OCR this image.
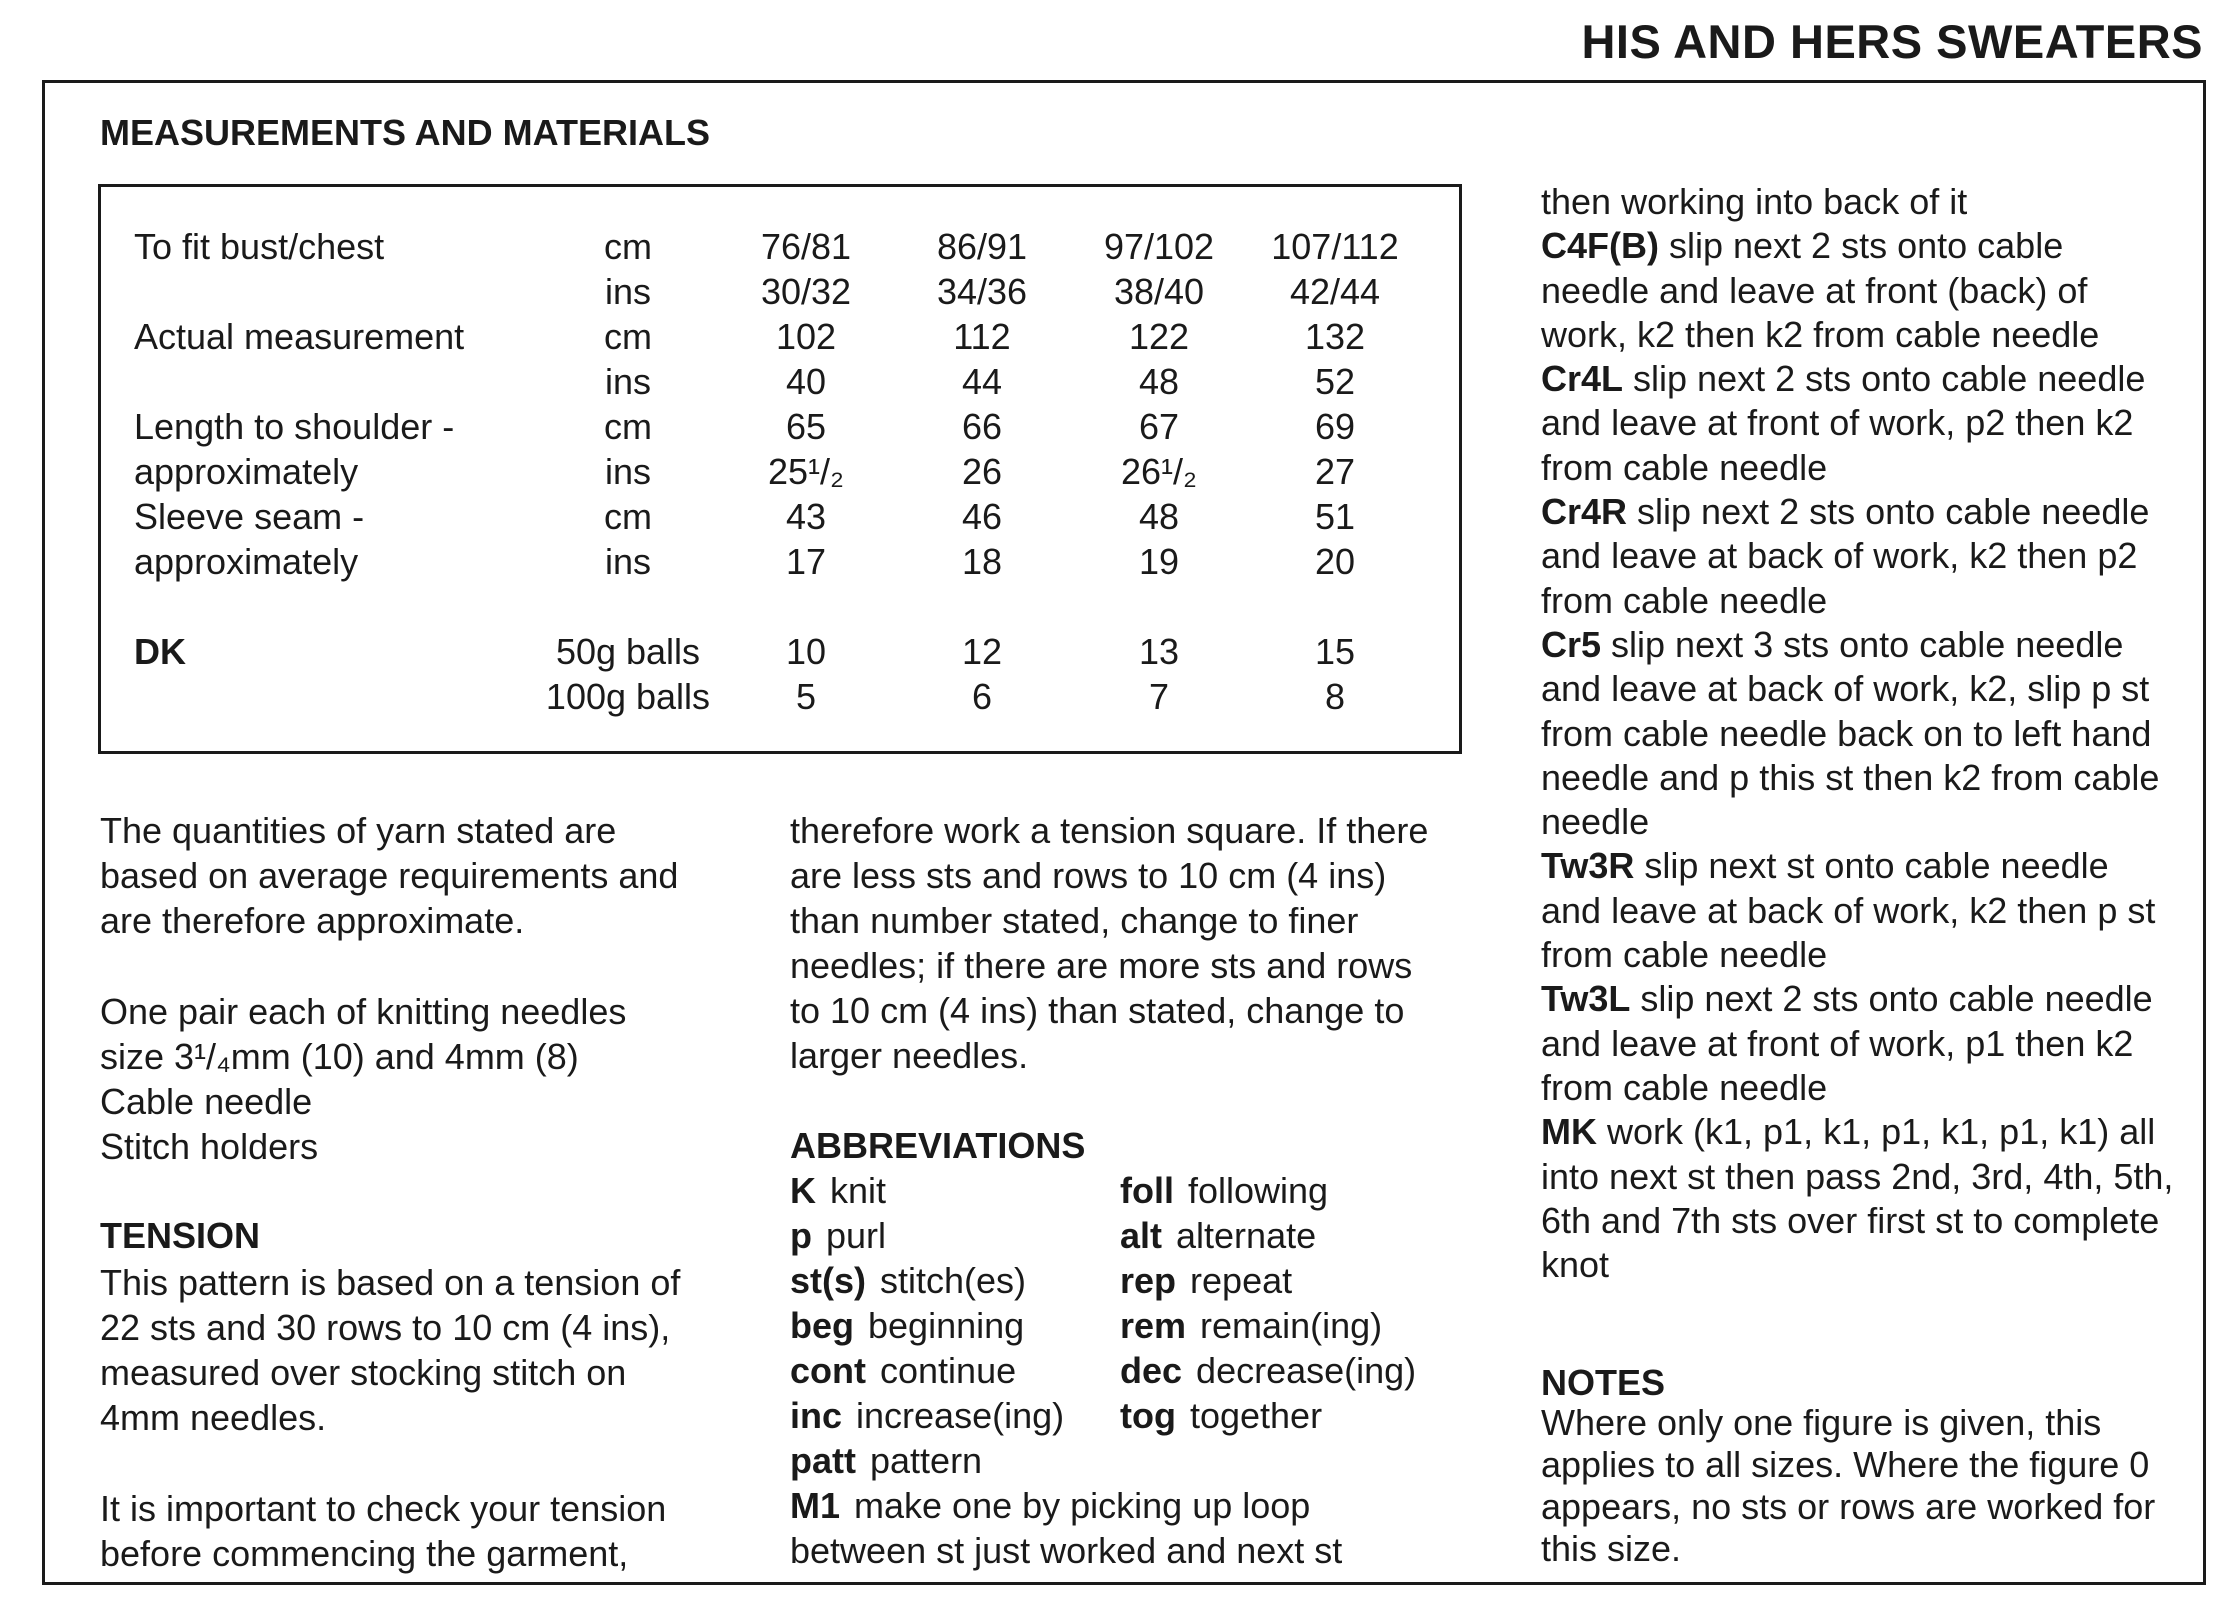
HIS AND HERS SWEATERS
MEASUREMENTS AND MATERIALS
The quantities of yarn stated are
based on average requirements and
are therefore approximate.
One pair each of knitting needles
size 3¹/₄mm (10) and 4mm (8)
Cable needle
Stitch holders
TENSION
This pattern is based on a tension of
22 sts and 30 rows to 10 cm (4 ins),
measured over stocking stitch on
4mm needles.
It is important to check your tension
before commencing the garment,
therefore work a tension square. If there
are less sts and rows to 10 cm (4 ins)
than number stated, change to finer
needles; if there are more sts and rows
to 10 cm (4 ins) than stated, change to
larger needles.
ABBREVIATIONS
between st just worked and next st
then working into back of it
C4F(B) slip next 2 sts onto cable
needle and leave at front (back) of
work, k2 then k2 from cable needle
Cr4L slip next 2 sts onto cable needle
and leave at front of work, p2 then k2
from cable needle
Cr4R slip next 2 sts onto cable needle
and leave at back of work, k2 then p2
from cable needle
Cr5 slip next 3 sts onto cable needle
and leave at back of work, k2, slip p st
from cable needle back on to left hand
needle and p this st then k2 from cable
needle
Tw3R slip next st onto cable needle
and leave at back of work, k2 then p st
from cable needle
Tw3L slip next 2 sts onto cable needle
and leave at front of work, p1 then k2
from cable needle
MK work (k1, p1, k1, p1, k1, p1, k1) all
into next st then pass 2nd, 3rd, 4th, 5th,
6th and 7th sts over first st to complete
knot
NOTES
Where only one figure is given, this
applies to all sizes. Where the figure 0
appears, no sts or rows are worked for
this size.
To fit bust/chest	cm	76/81 86/91 97/102 107/112
ins	30/32 34/36 38/40 42/44
Actual measurement	cm	102	112	122	132
ins	40	44	48	52
Length to shoulder -	cm	65	66	67	69
approximately	ins	25¹/₂	26	26¹/₂	27
Sleeve seam -	cm	43	46	48	51
approximately	ins	17	18	19	20
DK	50g balls 10	12	13	15
100g balls 5	6	7	8
K knit
p purl
st(s) stitch(es)
beg beginning
cont continue
inc increase(ing)
patt pattern
M1 make one by picking up loop
foll following
alt alternate
rep repeat
rem remain(ing)
dec decrease(ing)
tog together
